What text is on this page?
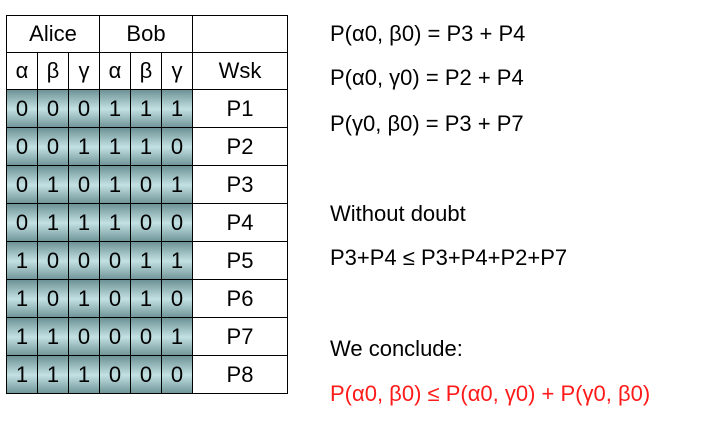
Alice			Bob			
α	β	γ	α	β	γ	Wsk
0	0	0	1	1	1	P1
0	0	1	1	1	0	P2
0	1	0	1	0	1	P3
0	1	1	1	0	0	P4
1	0	0	0	1	1	P5
1	0	1	0	1	0	P6
1	1	0	0	0	1	P7
1	1	1	0	0	0	P8
P(α0, β0) = P3 + P4
P(α0, γ0) = P2 + P4
P(γ0, β0) = P3 + P7
Without doubt
P3+P4 ≤ P3+P4+P2+P7
We conclude:
P(α0, β0) ≤ P(α0, γ0) + P(γ0, β0)
